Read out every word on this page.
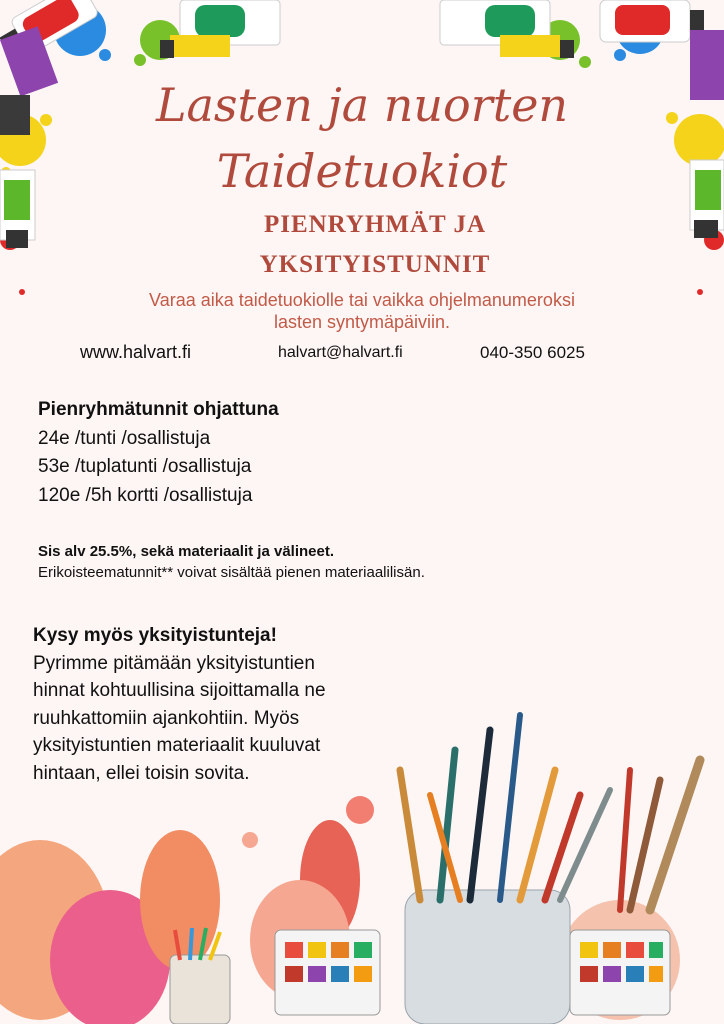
Lasten ja nuorten
Taidetuokiot
PIENRYHMÄT JA
YKSITYISTUNNIT
Varaa aika taidetuokiolle tai vaikka ohjelmanumeroksi
lasten syntymäpäiviin.
www.halvart.fi	halvart@halvart.fi	040-350 6025
Pienryhmätunnit ohjattuna
24e /tunti /osallistuja
53e /tuplatunti /osallistuja
120e /5h kortti /osallistuja
Sis alv 25.5%, sekä materiaalit ja välineet.
Erikoisteematunnit** voivat sisältää pienen materiaalilisän.
Kysy myös yksityistunteja!
Pyrimme pitämään yksityistuntien
hinnat kohtuullisina sijoittamalla ne
ruuhkattomiin ajankohtiin. Myös
yksityistuntien materiaalit kuuluvat
hintaan, ellei toisin sovita.
